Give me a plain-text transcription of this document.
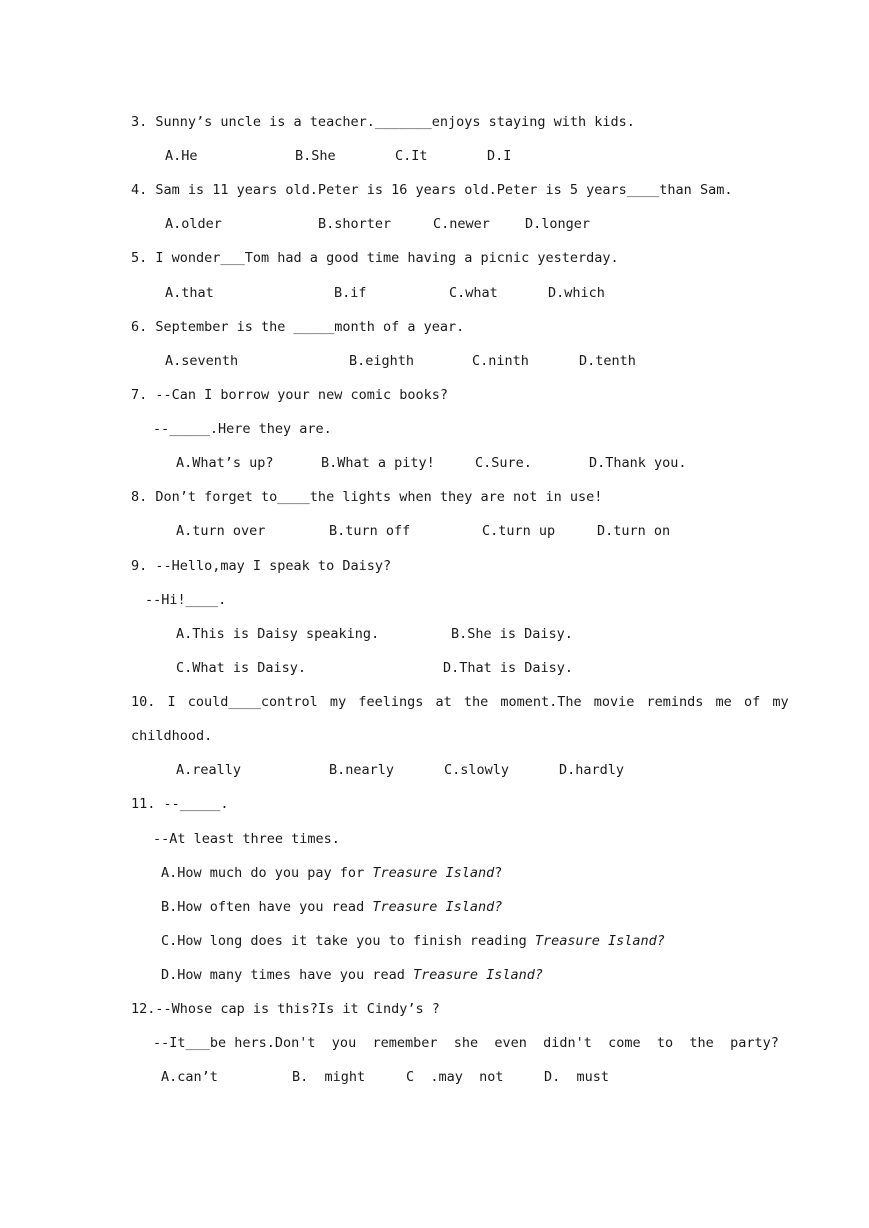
3. Sunny’s uncle is a teacher._______enjoys staying with kids.
A.He	B.She	C.It	D.I
4. Sam is 11 years old.Peter is 16 years old.Peter is 5 years____than Sam.
A.older	B.shorter	C.newer	D.longer
5. I wonder___Tom had a good time having a picnic yesterday.
A.that	B.if	C.what	D.which
6. September is the _____month of a year.
A.seventh	B.eighth	C.ninth	D.tenth
7. --Can I borrow your new comic books?
--_____.Here they are.
A.What’s up?	B.What a pity!	C.Sure.	D.Thank you.
8. Don’t forget to____the lights when they are not in use!
A.turn over	B.turn off	C.turn up	D.turn on
9. --Hello,may I speak to Daisy?
--Hi!____.
A.This is Daisy speaking.	B.She is Daisy.
C.What is Daisy.	D.That is Daisy.
10. I could____control my feelings at the moment.The movie reminds me of my
childhood.
A.really	B.nearly	C.slowly	D.hardly
11. --_____.
--At least three times.
A.How much do you pay for Treasure Island?
B.How often have you read Treasure Island?
C.How long does it take you to finish reading Treasure Island?
D.How many times have you read Treasure Island?
12.--Whose cap is this?Is it Cindy’s ?
--It___be hers.Don't  you  remember  she  even  didn't  come  to  the  party?
A.can’t	B.  might	C  .may  not	D.  must
